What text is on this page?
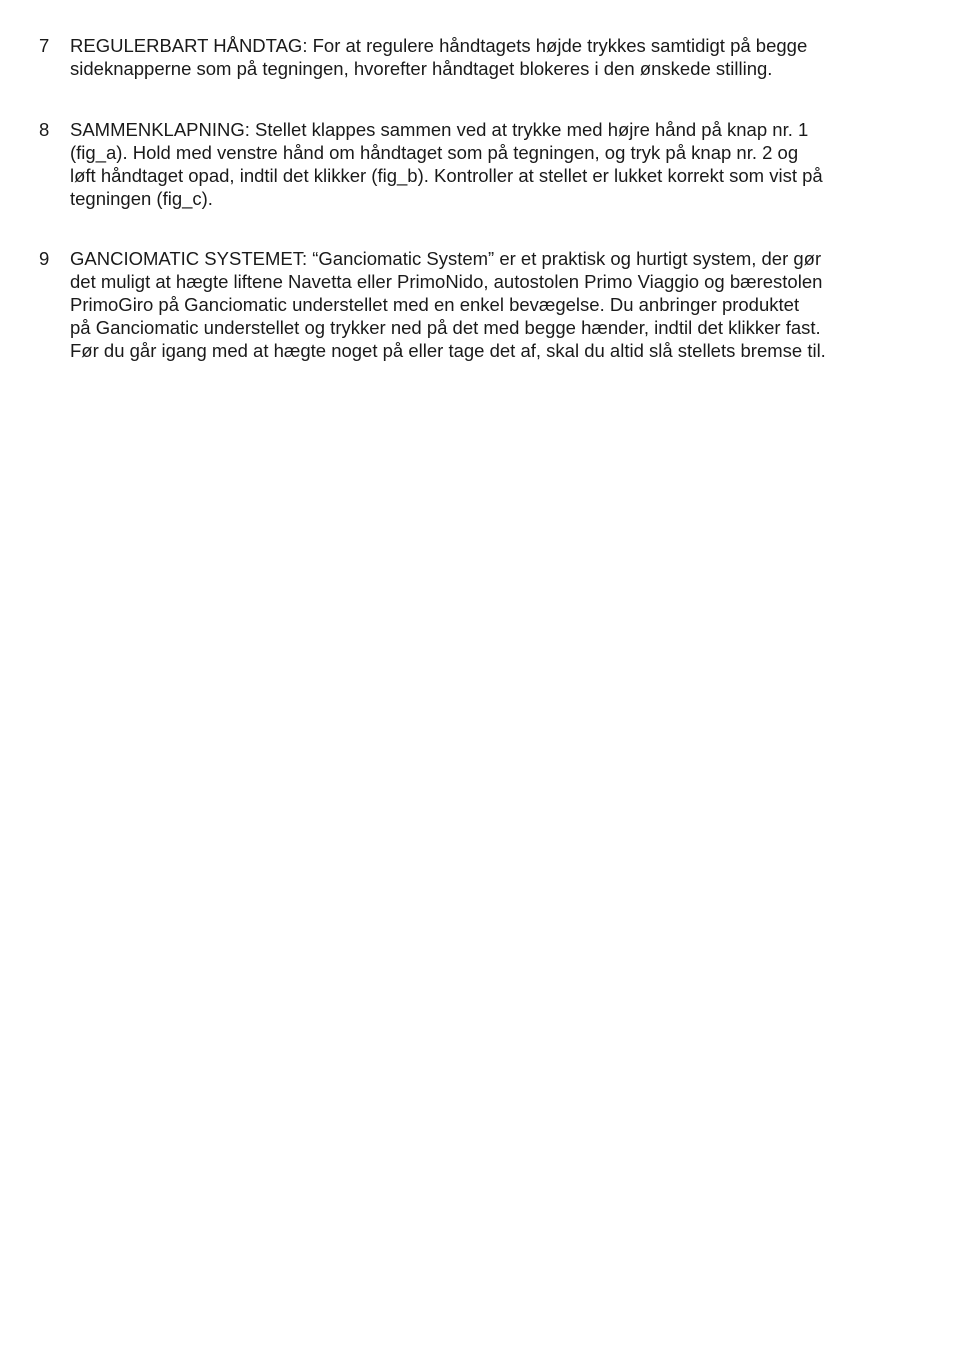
7	REGULERBART HÅNDTAG: For at regulere håndtagets højde trykkes samtidigt på begge
sideknapperne som på tegningen, hvorefter håndtaget blokeres i den ønskede stilling.
8	SAMMENKLAPNING: Stellet klappes sammen ved at trykke med højre hånd på knap nr. 1
(fig_a). Hold med venstre hånd om håndtaget som på tegningen, og tryk på knap nr. 2 og
løft håndtaget opad, indtil det klikker (fig_b). Kontroller at stellet er lukket korrekt som vist på
tegningen (fig_c).
9	GANCIOMATIC SYSTEMET: “Ganciomatic System” er et praktisk og hurtigt system, der gør
det muligt at hægte liftene Navetta eller PrimoNido, autostolen Primo Viaggio og bærestolen
PrimoGiro på Ganciomatic understellet med en enkel bevægelse. Du anbringer produktet
på Ganciomatic understellet og trykker ned på det med begge hænder, indtil det klikker fast.
Før du går igang med at hægte noget på eller tage det af, skal du altid slå stellets bremse til.
